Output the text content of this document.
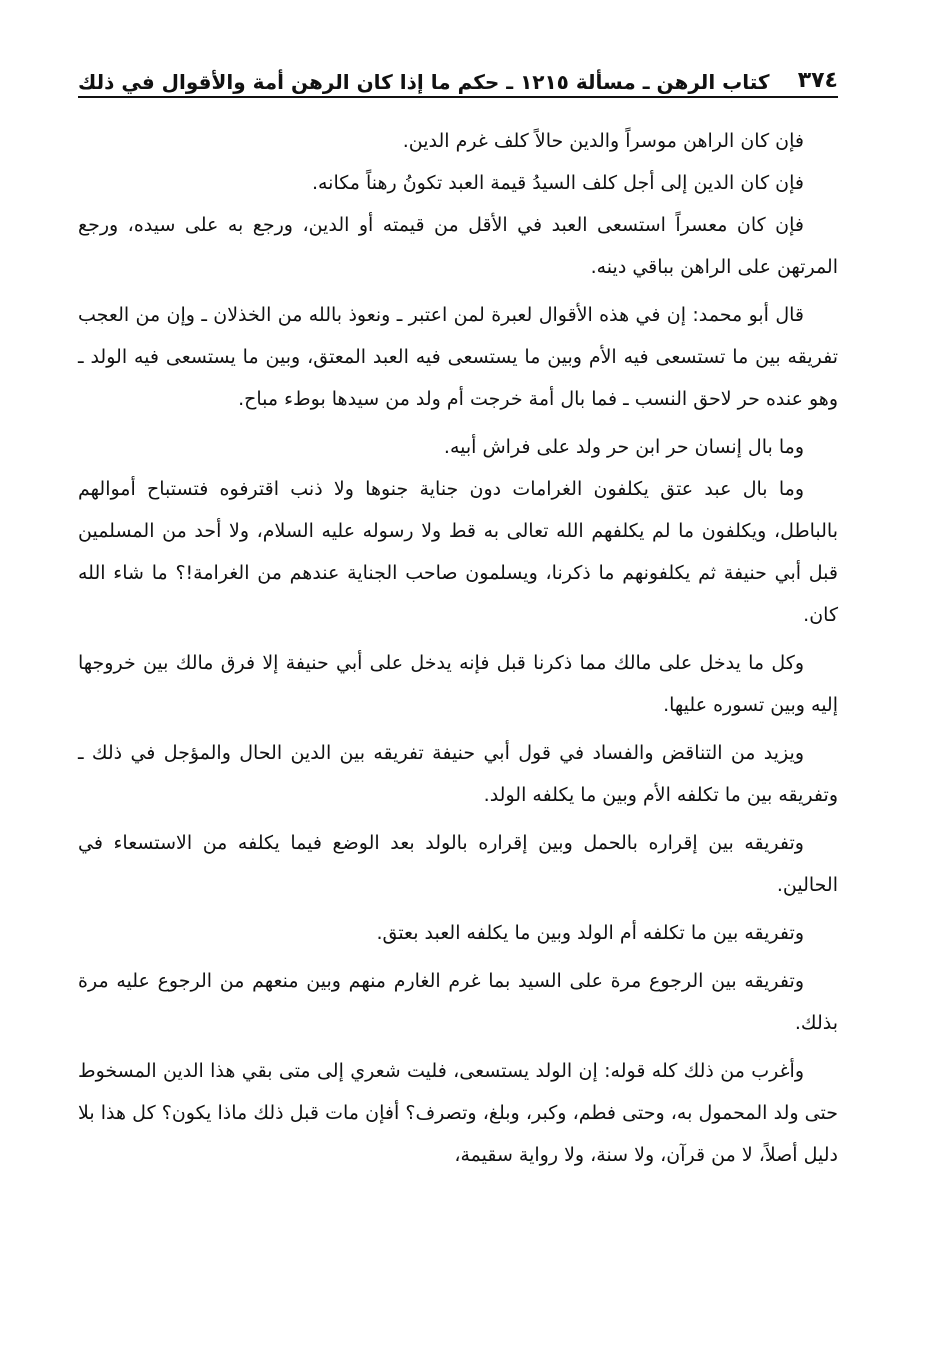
٣٧٤
كتاب الرهن ـ مسألة ١٢١٥ ـ حكم ما إذا كان الرهن أمة والأقوال في ذلك

فإن كان الراهن موسراً والدين حالاً كلف غرم الدين.

فإن كان الدين إلى أجل كلف السيدُ قيمة العبد تكونُ رهناً مكانه.

فإن كان معسراً استسعى العبد في الأقل من قيمته أو الدين، ورجع به على سيده، ورجع المرتهن على الراهن بباقي دينه.

قال أبو محمد: إن في هذه الأقوال لعبرة لمن اعتبر ـ ونعوذ بالله من الخذلان ـ وإن من العجب تفريقه بين ما تستسعى فيه الأم وبين ما يستسعى فيه العبد المعتق، وبين ما يستسعى فيه الولد ـ وهو عنده حر لاحق النسب ـ فما بال أمة خرجت أم ولد من سيدها بوطء مباح.

وما بال إنسان حر ابن حر ولد على فراش أبيه.

وما بال عبد عتق يكلفون الغرامات دون جناية جنوها ولا ذنب اقترفوه فتستباح أموالهم بالباطل، ويكلفون ما لم يكلفهم الله تعالى به قط ولا رسوله عليه السلام، ولا أحد من المسلمين قبل أبي حنيفة ثم يكلفونهم ما ذكرنا، ويسلمون صاحب الجناية عندهم من الغرامة!؟ ما شاء الله كان.

وكل ما يدخل على مالك مما ذكرنا قبل فإنه يدخل على أبي حنيفة إلا فرق مالك بين خروجها إليه وبين تسوره عليها.

ويزيد من التناقض والفساد في قول أبي حنيفة تفريقه بين الدين الحال والمؤجل في ذلك ـ وتفريقه بين ما تكلفه الأم وبين ما يكلفه الولد.

وتفريقه بين إقراره بالحمل وبين إقراره بالولد بعد الوضع فيما يكلفه من الاستسعاء في الحالين.

وتفريقه بين ما تكلفه أم الولد وبين ما يكلفه العبد بعتق.

وتفريقه بين الرجوع مرة على السيد بما غرم الغارم منهم وبين منعهم من الرجوع عليه مرة بذلك.

وأغرب من ذلك كله قوله: إن الولد يستسعى، فليت شعري إلى متى بقي هذا الدين المسخوط حتى ولد المحمول به، وحتى فطم، وكبر، وبلغ، وتصرف؟ أفإن مات قبل ذلك ماذا يكون؟ كل هذا بلا دليل أصلاً، لا من قرآن، ولا سنة، ولا رواية سقيمة،
